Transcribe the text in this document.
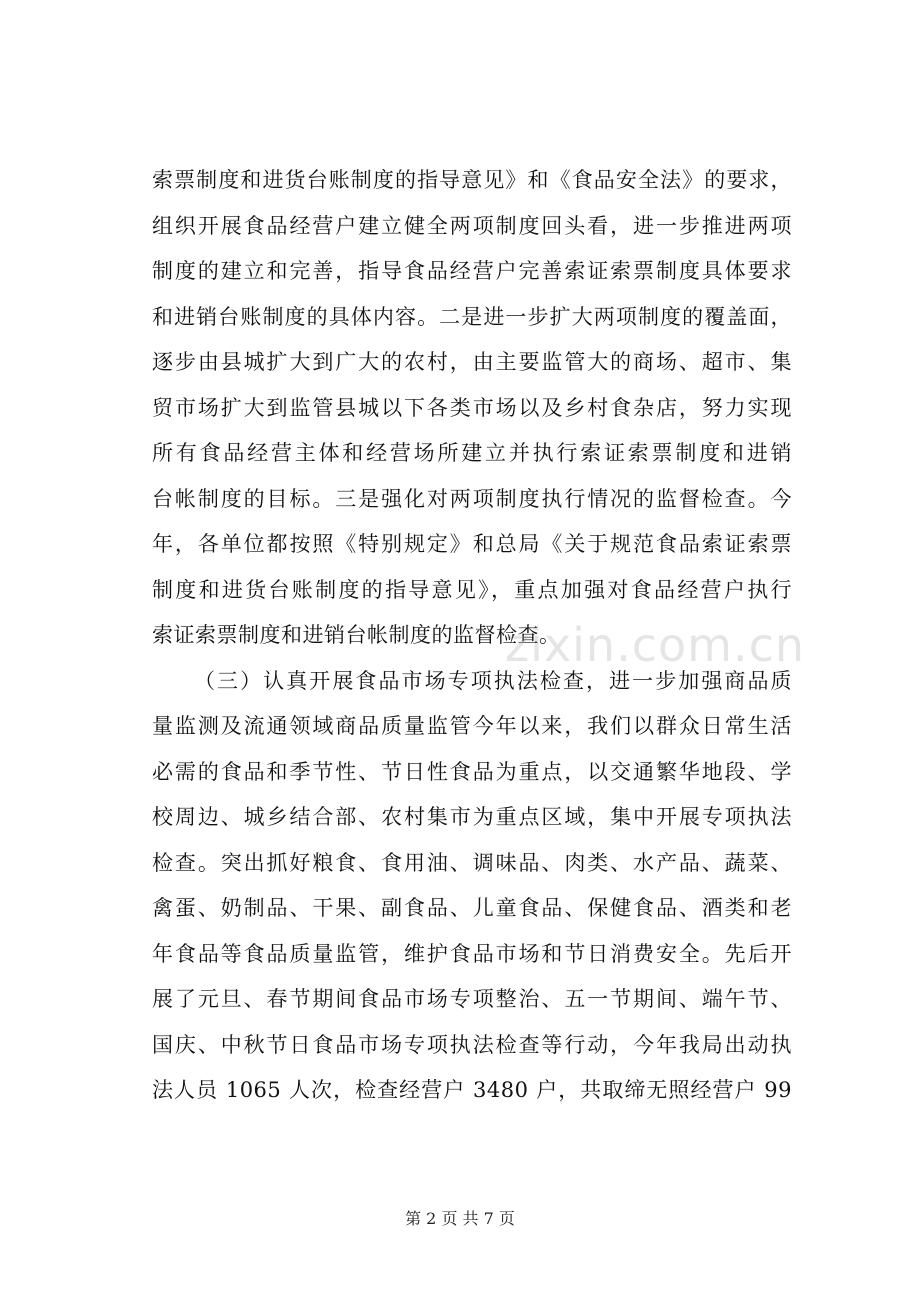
索票制度和进货台账制度的指导意见》和《食品安全法》的要求，
组织开展食品经营户建立健全两项制度回头看，进一步推进两项
制度的建立和完善，指导食品经营户完善索证索票制度具体要求
和进销台账制度的具体内容。二是进一步扩大两项制度的覆盖面，
逐步由县城扩大到广大的农村，由主要监管大的商场、超市、集
贸市场扩大到监管县城以下各类市场以及乡村食杂店，努力实现
所有食品经营主体和经营场所建立并执行索证索票制度和进销
台帐制度的目标。三是强化对两项制度执行情况的监督检查。今
年，各单位都按照《特别规定》和总局《关于规范食品索证索票
制度和进货台账制度的指导意见》，重点加强对食品经营户执行
索证索票制度和进销台帐制度的监督检查。
（三）认真开展食品市场专项执法检查，进一步加强商品质
量监测及流通领域商品质量监管今年以来，我们以群众日常生活
必需的食品和季节性、节日性食品为重点，以交通繁华地段、学
校周边、城乡结合部、农村集市为重点区域，集中开展专项执法
检查。突出抓好粮食、食用油、调味品、肉类、水产品、蔬菜、
禽蛋、奶制品、干果、副食品、儿童食品、保健食品、酒类和老
年食品等食品质量监管，维护食品市场和节日消费安全。先后开
展了元旦、春节期间食品市场专项整治、五一节期间、端午节、
国庆、中秋节日食品市场专项执法检查等行动，今年我局出动执
法人员 1065 人次，检查经营户 3480 户，共取缔无照经营户 99
zixin.com.cn
第 2 页 共 7 页
